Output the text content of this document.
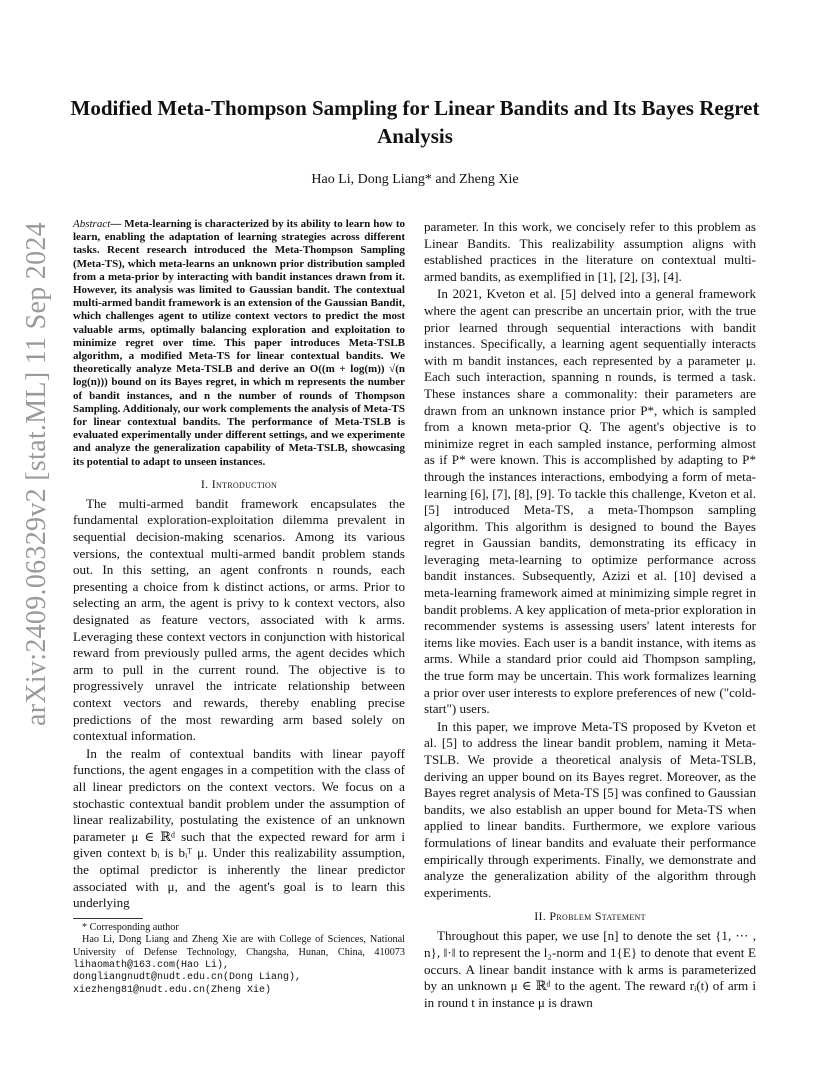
arXiv:2409.06329v2 [stat.ML] 11 Sep 2024
Modified Meta-Thompson Sampling for Linear Bandits and Its Bayes Regret Analysis
Hao Li, Dong Liang* and Zheng Xie

Abstract— Meta-learning is characterized by its ability to learn how to learn, enabling the adaptation of learning strategies across different tasks. Recent research introduced the Meta-Thompson Sampling (Meta-TS), which meta-learns an unknown prior distribution sampled from a meta-prior by interacting with bandit instances drawn from it. However, its analysis was limited to Gaussian bandit. The contextual multi-armed bandit framework is an extension of the Gaussian Bandit, which challenges agent to utilize context vectors to predict the most valuable arms, optimally balancing exploration and exploitation to minimize regret over time. This paper introduces Meta-TSLB algorithm, a modified Meta-TS for linear contextual bandits. We theoretically analyze Meta-TSLB and derive an O((m + log(m)) √(n log(n))) bound on its Bayes regret, in which m represents the number of bandit instances, and n the number of rounds of Thompson Sampling. Additionaly, our work complements the analysis of Meta-TS for linear contextual bandits. The performance of Meta-TSLB is evaluated experimentally under different settings, and we experimente and analyze the generalization capability of Meta-TSLB, showcasing its potential to adapt to unseen instances.

I. Introduction

The multi-armed bandit framework encapsulates the fundamental exploration-exploitation dilemma prevalent in sequential decision-making scenarios. Among its various versions, the contextual multi-armed bandit problem stands out. In this setting, an agent confronts n rounds, each presenting a choice from k distinct actions, or arms. Prior to selecting an arm, the agent is privy to k context vectors, also designated as feature vectors, associated with k arms. Leveraging these context vectors in conjunction with historical reward from previously pulled arms, the agent decides which arm to pull in the current round. The objective is to progressively unravel the intricate relationship between context vectors and rewards, thereby enabling precise predictions of the most rewarding arm based solely on contextual information.

In the realm of contextual bandits with linear payoff functions, the agent engages in a competition with the class of all linear predictors on the context vectors. We focus on a stochastic contextual bandit problem under the assumption of linear realizability, postulating the existence of an unknown parameter μ ∈ ℝᵈ such that the expected reward for arm i given context bᵢ is bᵢᵀ μ. Under this realizability assumption, the optimal predictor is inherently the linear predictor associated with μ, and the agent's goal is to learn this underlying

* Corresponding author
Hao Li, Dong Liang and Zheng Xie are with College of Sciences, National University of Defense Technology, Changsha, Hunan, China, 410073 lihaomath@163.com(Hao Li),
dongliangnudt@nudt.edu.cn(Dong Liang),
xiezheng81@nudt.edu.cn(Zheng Xie)

parameter. In this work, we concisely refer to this problem as Linear Bandits. This realizability assumption aligns with established practices in the literature on contextual multi-armed bandits, as exemplified in [1], [2], [3], [4].

In 2021, Kveton et al. [5] delved into a general framework where the agent can prescribe an uncertain prior, with the true prior learned through sequential interactions with bandit instances. Specifically, a learning agent sequentially interacts with m bandit instances, each represented by a parameter μ. Each such interaction, spanning n rounds, is termed a task. These instances share a commonality: their parameters are drawn from an unknown instance prior P*, which is sampled from a known meta-prior Q. The agent's objective is to minimize regret in each sampled instance, performing almost as if P* were known. This is accomplished by adapting to P* through the instances interactions, embodying a form of meta-learning [6], [7], [8], [9]. To tackle this challenge, Kveton et al. [5] introduced Meta-TS, a meta-Thompson sampling algorithm. This algorithm is designed to bound the Bayes regret in Gaussian bandits, demonstrating its efficacy in leveraging meta-learning to optimize performance across bandit instances. Subsequently, Azizi et al. [10] devised a meta-learning framework aimed at minimizing simple regret in bandit problems. A key application of meta-prior exploration in recommender systems is assessing users' latent interests for items like movies. Each user is a bandit instance, with items as arms. While a standard prior could aid Thompson sampling, the true form may be uncertain. This work formalizes learning a prior over user interests to explore preferences of new ("cold-start") users.

In this paper, we improve Meta-TS proposed by Kveton et al. [5] to address the linear bandit problem, naming it Meta-TSLB. We provide a theoretical analysis of Meta-TSLB, deriving an upper bound on its Bayes regret. Moreover, as the Bayes regret analysis of Meta-TS [5] was confined to Gaussian bandits, we also establish an upper bound for Meta-TS when applied to linear bandits. Furthermore, we explore various formulations of linear bandits and evaluate their performance empirically through experiments. Finally, we demonstrate and analyze the generalization ability of the algorithm through experiments.

II. Problem Statement

Throughout this paper, we use [n] to denote the set {1, ⋯ , n}, ‖·‖ to represent the l₂-norm and 1{E} to denote that event E occurs. A linear bandit instance with k arms is parameterized by an unknown μ ∈ ℝᵈ to the agent. The reward rᵢ(t) of arm i in round t in instance μ is drawn
